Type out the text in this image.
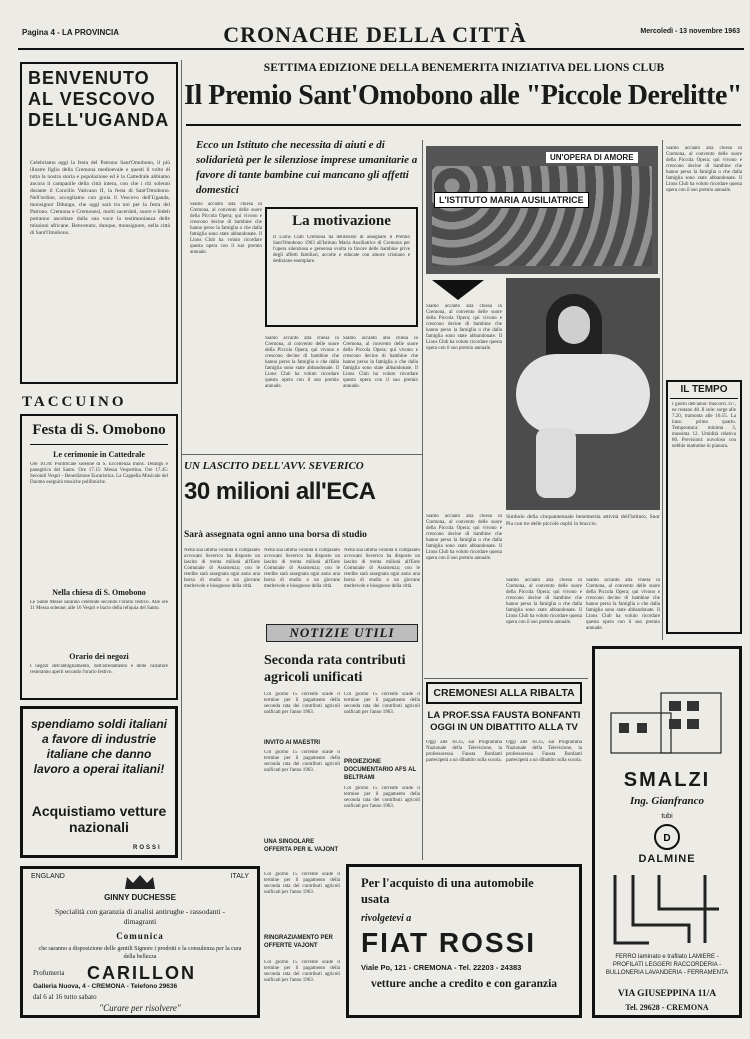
Pagina 4 - LA PROVINCIA	CRONACHE DELLA CITTÀ	Mercoledì - 13 novembre 1963
BENVENUTO AL VESCOVO DELL'UGANDA
Celebriamo oggi la festa del Patrono Sant'Omobono, il più illustre figlio della Cremona medioevale e questi il volto di tutta la nostra storia e popolazione ed è la Cattedrale abbiamo ancora il campanile della città intera, con che i riti solenni durante il Concilio Vaticano II, la festa di Sant'Omobono. Nell'ordine, accogliamo con gioia il Vescovo dell'Uganda, monsignor Ddungu, che oggi sarà tra noi per la festa del Patrono. Cremona e Cremonesi, molti sacerdoti, suore e fedeli potranno ascoltare dalla sua voce la testimonianza delle missioni africane. Benvenuto, dunque, monsignore, nella città di Sant'Omobono.
TACCUINO
Festa di S. Omobono
Le cerimonie in Cattedrale
Ore 10.30: Pontificale solenne di S. Eccellenza mons. Ddungu e panegirico del Santo. Ore 17.15: Messa Vespertina. Ore 17.45: Secondi Vespri - Benedizione Eucaristica. La Cappella Musicale del Duomo eseguirà musiche polifoniche.
Nella chiesa di S. Omobono
Le Sante Messe saranno celebrate secondo l'orario festivo. Alle ore 11 Messa solenne; alle 16 Vespri e bacio della reliquia del Santo.
Orario dei negozi
I negozi dell'abbigliamento, dell'arredamento e delle calzature resteranno aperti secondo l'orario festivo.
spendiamo soldi italiani a favore di industrie italiane che danno lavoro a operai italiani!
Acquistiamo vetture nazionali
ROSSI
ENGLAND	ITALY
GINNY DUCHESSE
Specialità con garanzia di analisi antirughe - rassodanti - dimagranti
Comunica
che saranno a disposizione delle gentili Signore i prodotti e la consulenza per la cura della bellezza
Profumeria CARILLON
Galleria Nuova, 4 - CREMONA - Telefono 29636
dal 6 al 16 tutto sabato
"Curare per risolvere"
SETTIMA EDIZIONE DELLA BENEMERITA INIZIATIVA DEL LIONS CLUB
Il Premio Sant'Omobono alle "Piccole Derelitte"
Ecco un Istituto che necessita di aiuti e di solidarietà per le silenziose imprese umanitarie a favore di tante bambine cui mancano gli affetti domestici
Siamo accanto alla chiesa in Cremona, al convento delle suore della Piccola Opera; qui vivono e crescono decine di bambine che hanno perso la famiglia o che dalla famiglia sono state abbandonate. Il Lions Club ha voluto ricordare questa opera con il suo premio annuale.
La motivazione
Il Lions Club Cremona ha deliberato di assegnare il Premio Sant'Omobono 1963 all'Istituto Maria Ausiliatrice di Cremona per l'opera silenziosa e generosa svolta in favore delle bambine prive degli affetti familiari, accolte e educate con amore cristiano e dedizione esemplare.
Siamo accanto alla chiesa in Cremona, al convento delle suore della Piccola Opera; qui vivono e crescono decine di bambine che hanno perso la famiglia o che dalla famiglia sono state abbandonate. Il Lions Club ha voluto ricordare questa opera con il suo premio annuale.
Siamo accanto alla chiesa in Cremona, al convento delle suore della Piccola Opera; qui vivono e crescono decine di bambine che hanno perso la famiglia o che dalla famiglia sono state abbandonate. Il Lions Club ha voluto ricordare questa opera con il suo premio annuale.
UN'OPERA DI AMORE
L'ISTITUTO MARIA AUSILIATRICE
Siamo accanto alla chiesa in Cremona, al convento delle suore della Piccola Opera; qui vivono e crescono decine di bambine che hanno perso la famiglia o che dalla famiglia sono state abbandonate. Il Lions Club ha voluto ricordare questa opera con il suo premio annuale.
Simbolo della cinquantennale benemerita attività dell'Istituto, Suor Pia con tre delle piccole ospiti in braccio.
Siamo accanto alla chiesa in Cremona, al convento delle suore della Piccola Opera; qui vivono e crescono decine di bambine che hanno perso la famiglia o che dalla famiglia sono state abbandonate. Il Lions Club ha voluto ricordare questa opera con il suo premio annuale.
Siamo accanto alla chiesa in Cremona, al convento delle suore della Piccola Opera; qui vivono e crescono decine di bambine che hanno perso la famiglia o che dalla famiglia sono state abbandonate. Il Lions Club ha voluto ricordare questa opera con il suo premio annuale.
Siamo accanto alla chiesa in Cremona, al convento delle suore della Piccola Opera; qui vivono e crescono decine di bambine che hanno perso la famiglia o che dalla famiglia sono state abbandonate. Il Lions Club ha voluto ricordare questa opera con il suo premio annuale.
Siamo accanto alla chiesa in Cremona, al convento delle suore della Piccola Opera; qui vivono e crescono decine di bambine che hanno perso la famiglia o che dalla famiglia sono state abbandonate. Il Lions Club ha voluto ricordare questa opera con il suo premio annuale.
IL TEMPO
I giorni dell'anno: trascorsi 317, ne restano 48. Il sole: sorge alle 7.20, tramonta alle 16.55. La luna: primo quarto. Temperatura: minima 3, massima 12. Umidità relativa 80. Previsioni: nuvoloso con nebbie mattutine in pianura.
UN LASCITO DELL'AVV. SEVERICO
30 milioni all'ECA
Sarà assegnata ogni anno una borsa di studio
Nella sua ultima volontà il compianto avvocato Severico ha disposto un lascito di trenta milioni all'Ente Comunale di Assistenza; con le rendite sarà assegnata ogni anno una borsa di studio a un giovane meritevole e bisognoso della città.
Nella sua ultima volontà il compianto avvocato Severico ha disposto un lascito di trenta milioni all'Ente Comunale di Assistenza; con le rendite sarà assegnata ogni anno una borsa di studio a un giovane meritevole e bisognoso della città.
Nella sua ultima volontà il compianto avvocato Severico ha disposto un lascito di trenta milioni all'Ente Comunale di Assistenza; con le rendite sarà assegnata ogni anno una borsa di studio a un giovane meritevole e bisognoso della città.
NOTIZIE UTILI
Seconda rata contributi agricoli unificati
Col giorno 15 corrente scade il termine per il pagamento della seconda rata dei contributi agricoli unificati per l'anno 1963.
INVITO AI MAESTRI
Col giorno 15 corrente scade il termine per il pagamento della seconda rata dei contributi agricoli unificati per l'anno 1963.
UNA SINGOLARE OFFERTA PER IL VAJONT
Col giorno 15 corrente scade il termine per il pagamento della seconda rata dei contributi agricoli unificati per l'anno 1963.
RINGRAZIAMENTO PER OFFERTE VAJONT
Col giorno 15 corrente scade il termine per il pagamento della seconda rata dei contributi agricoli unificati per l'anno 1963.
Col giorno 15 corrente scade il termine per il pagamento della seconda rata dei contributi agricoli unificati per l'anno 1963.
PROIEZIONE DOCUMENTARIO AFS AL BELTRAMI
Col giorno 15 corrente scade il termine per il pagamento della seconda rata dei contributi agricoli unificati per l'anno 1963.
CREMONESI ALLA RIBALTA
LA PROF.SSA FAUSTA BONFANTI OGGI IN UN DIBATTITO ALLA TV
Oggi alle 18.35, sul Programma Nazionale della Televisione, la professoressa Fausta Bonfanti parteciperà a un dibattito sulla scuola.
Oggi alle 18.35, sul Programma Nazionale della Televisione, la professoressa Fausta Bonfanti parteciperà a un dibattito sulla scuola.
Per l'acquisto di una automobile usata
rivolgetevi a
FIAT ROSSI
Viale Po, 121 - CREMONA - Tel. 22203 - 24383
vetture anche a credito e con garanzia
SMALZI
Ing. Gianfranco
tubi
D
DALMINE
FERRO laminato e trafilato LAMIERE - PROFILATI LEGGERI RACCORDERIA - BULLONERIA LAVANDERIA - FERRAMENTA
VIA GIUSEPPINA 11/A
Tel. 29628 - CREMONA
